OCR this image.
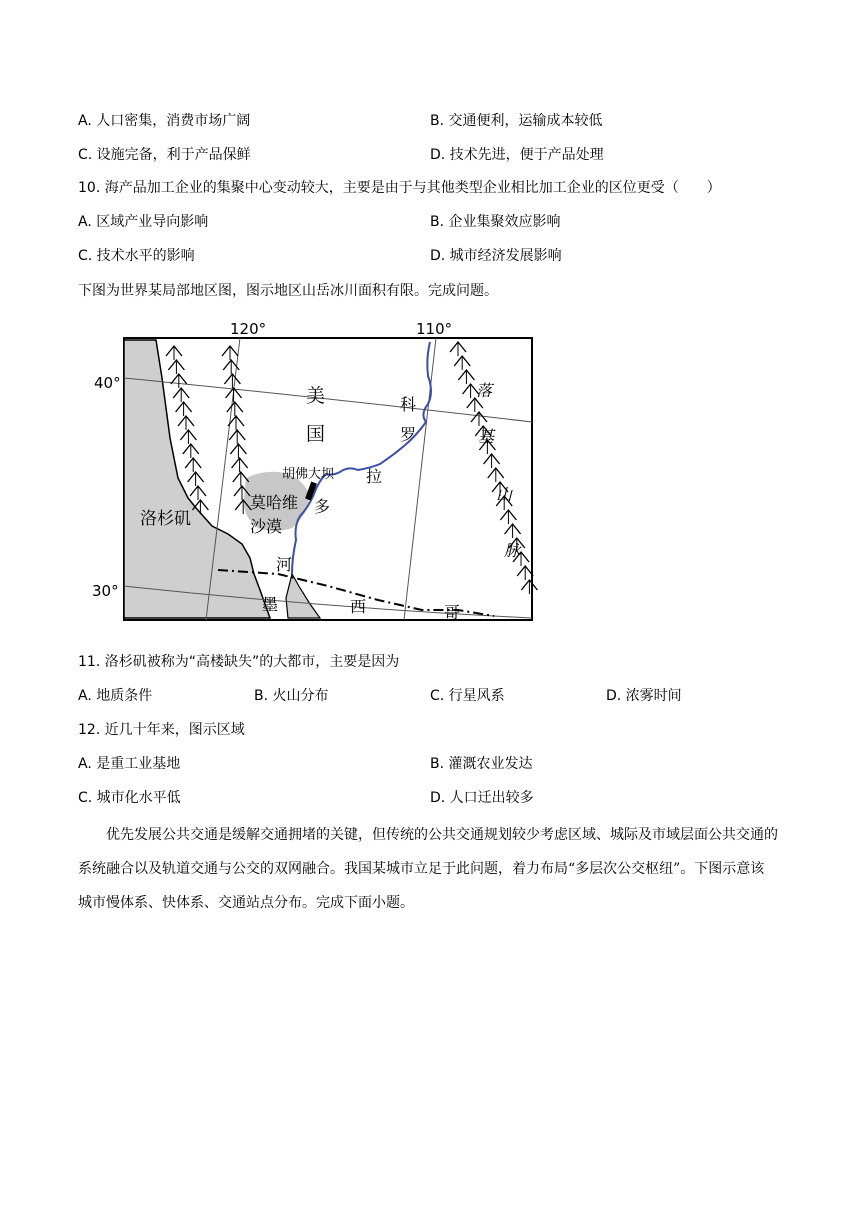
A. 人口密集，消费市场广阔	B. 交通便利，运输成本较低
C. 设施完备，利于产品保鲜	D. 技术先进，便于产品处理
10. 海产品加工企业的集聚中心变动较大，主要是由于与其他类型企业相比加工企业的区位更受（　　）
A. 区域产业导向影响	B. 企业集聚效应影响
C. 技术水平的影响	D. 城市经济发展影响
下图为世界某局部地区图，图示地区山岳冰川面积有限。完成问题。
120°	110°
40°
30°
美
国
科
罗
拉
多
河
落
基
山
脉
胡佛大坝
莫哈维
沙漠
洛杉矶
墨	西	哥
11. 洛杉矶被称为“高楼缺失”的大都市，主要是因为
A. 地质条件	B. 火山分布	C. 行星风系	D. 浓雾时间
12. 近几十年来，图示区域
A. 是重工业基地	B. 灌溉农业发达
C. 城市化水平低	D. 人口迁出较多
优先发展公共交通是缓解交通拥堵的关键，但传统的公共交通规划较少考虑区域、城际及市域层面公共交通的系统融合以及轨道交通与公交的双网融合。我国某城市立足于此问题，着力布局“多层次公交枢纽”。下图示意该城市慢体系、快体系、交通站点分布。完成下面小题。
